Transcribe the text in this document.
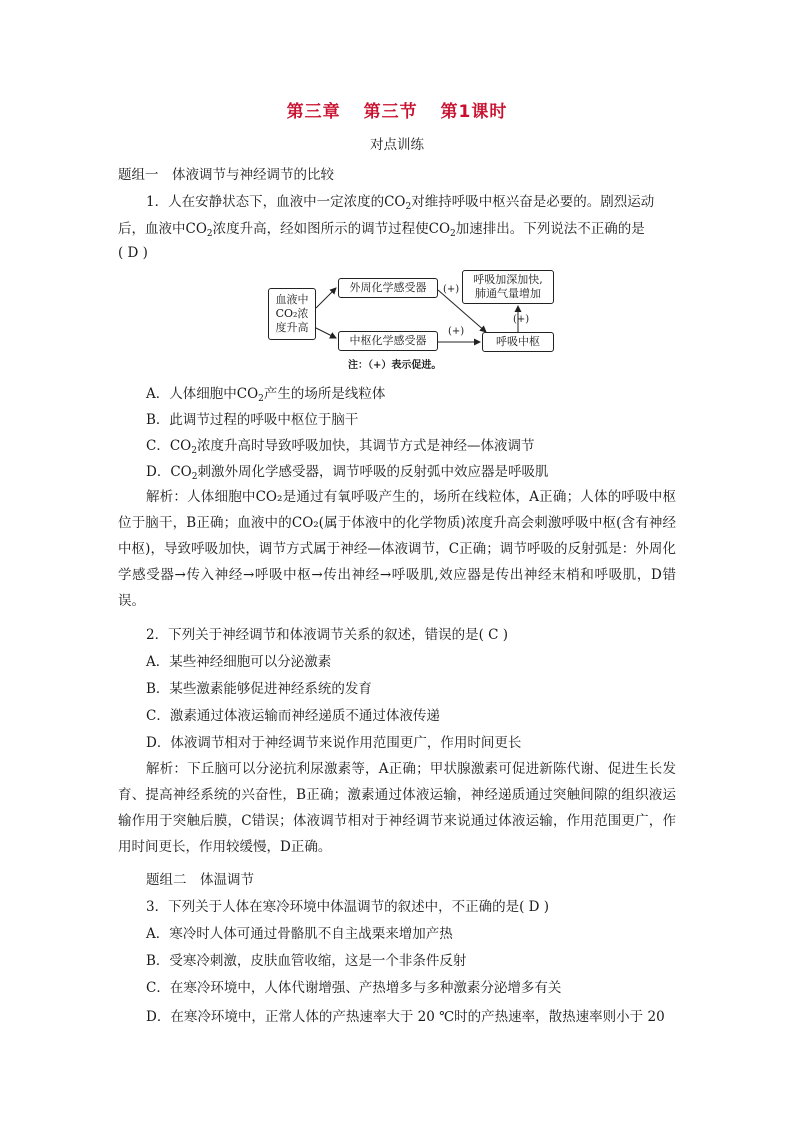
第三章 第三节 第1课时
对点训练
题组一　体液调节与神经调节的比较
1．人在安静状态下，血液中一定浓度的$CO_2$对维持呼吸中枢兴奋是必要的。剧烈运动
后，血液中$CO_2$浓度升高，经如图所示的调节过程使$CO_2$加速排出。下列说法不正确的是
( D )
血液中
CO₂浓
度升高
外周化学感受器
中枢化学感受器	呼吸中枢
呼吸加深加快,
肺通气量增加
(+)
(+)
(+)
注：（+）表示促进。
A．人体细胞中$CO_2$产生的场所是线粒体
B．此调节过程的呼吸中枢位于脑干
C．$CO_2$浓度升高时导致呼吸加快，其调节方式是神经—体液调节
D．$CO_2$刺激外周化学感受器，调节呼吸的反射弧中效应器是呼吸肌
解析：人体细胞中CO₂是通过有氧呼吸产生的，场所在线粒体，A正确；人体的呼吸中枢位于脑干，B正确；血液中的CO₂(属于体液中的化学物质)浓度升高会刺激呼吸中枢(含有神经中枢)，导致呼吸加快，调节方式属于神经—体液调节，C正确；调节呼吸的反射弧是：外周化学感受器→传入神经→呼吸中枢→传出神经→呼吸肌,效应器是传出神经末梢和呼吸肌，D错误。
2．下列关于神经调节和体液调节关系的叙述，错误的是( C )
A．某些神经细胞可以分泌激素
B．某些激素能够促进神经系统的发育
C．激素通过体液运输而神经递质不通过体液传递
D．体液调节相对于神经调节来说作用范围更广，作用时间更长
解析：下丘脑可以分泌抗利尿激素等，A正确；甲状腺激素可促进新陈代谢、促进生长发育、提高神经系统的兴奋性，B正确；激素通过体液运输，神经递质通过突触间隙的组织液运输作用于突触后膜，C错误；体液调节相对于神经调节来说通过体液运输，作用范围更广，作用时间更长，作用较缓慢，D正确。
题组二　体温调节
3．下列关于人体在寒冷环境中体温调节的叙述中，不正确的是( D )
A．寒冷时人体可通过骨骼肌不自主战栗来增加产热
B．受寒冷刺激，皮肤血管收缩，这是一个非条件反射
C．在寒冷环境中，人体代谢增强、产热增多与多种激素分泌增多有关
D．在寒冷环境中，正常人体的产热速率大于 20 ℃时的产热速率，散热速率则小于 20
